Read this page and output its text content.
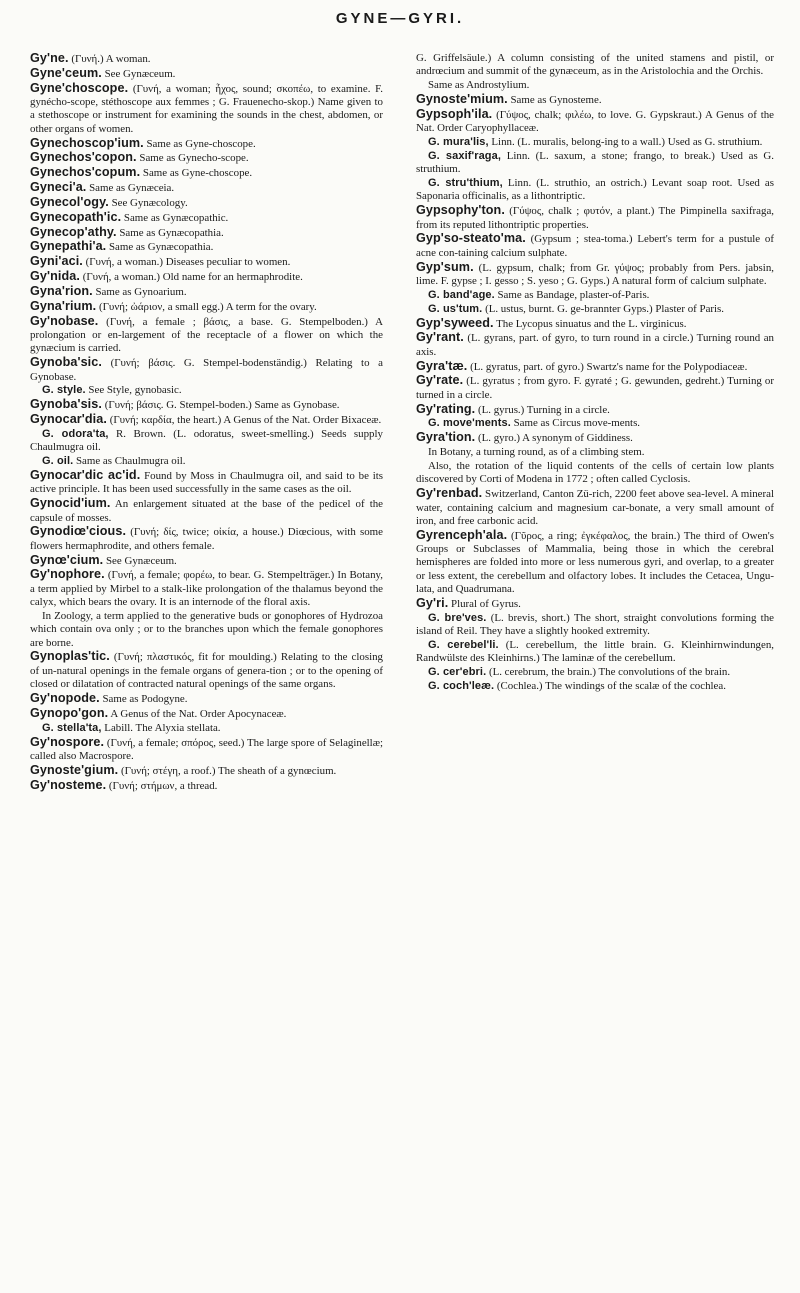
GYNE—GYRI.

Gy'ne. (Γυνή.) A woman.

Gyne'ceum. See Gynæceum.

Gyne'choscope. (Γυνή, a woman; ἦχος, sound; σκοπέω, to examine. F. gynécho-scope, stéthoscope aux femmes ; G. Frauenecho-skop.) Name given to a stethoscope or instrument for examining the sounds in the chest, abdomen, or other organs of women.

Gynechoscop'ium. Same as Gyne-choscope.

Gynechos'copon. Same as Gynecho-scope.

Gynechos'copum. Same as Gyne-choscope.

Gyneci'a. Same as Gynæceia.

Gynecol'ogy. See Gynæcology.

Gynecopath'ic. Same as Gynæcopathic.

Gynecop'athy. Same as Gynæcopathia.

Gynepathi'a. Same as Gynæcopathia.

Gyni'aci. (Γυνή, a woman.) Diseases peculiar to women.

Gy'nida. (Γυνή, a woman.) Old name for an hermaphrodite.

Gyna'rion. Same as Gynoarium.

Gyna'rium. (Γυνή; ὠάριον, a small egg.) A term for the ovary.

Gy'nobase. (Γυνή, a female ; βάσις, a base. G. Stempelboden.) A prolongation or en-largement of the receptacle of a flower on which the gynæcium is carried.

Gynoba'sic. (Γυνή; βάσις. G. Stempel-bodenständig.) Relating to a Gynobase.

G. style. See Style, gynobasic.

Gynoba'sis. (Γυνή; βάσις. G. Stempel-boden.) Same as Gynobase.

Gynocar'dia. (Γυνή; καρδία, the heart.) A Genus of the Nat. Order Bixaceæ.

G. odora'ta, R. Brown. (L. odoratus, sweet-smelling.) Seeds supply Chaulmugra oil.

G. oil. Same as Chaulmugra oil.

Gynocar'dic ac'id. Found by Moss in Chaulmugra oil, and said to be its active principle. It has been used successfully in the same cases as the oil.

Gynocid'ium. An enlargement situated at the base of the pedicel of the capsule of mosses.

Gynodiœ'cious. (Γυνή; δίς, twice; οἰκία, a house.) Diœcious, with some flowers hermaphrodite, and others female.

Gynœ'cium. See Gynæceum.

Gy'nophore. (Γυνή, a female; φορέω, to bear. G. Stempelträger.) In Botany, a term applied by Mirbel to a stalk-like prolongation of the thalamus beyond the calyx, which bears the ovary. It is an internode of the floral axis.

In Zoology, a term applied to the generative buds or gonophores of Hydrozoa which contain ova only ; or to the branches upon which the female gonophores are borne.

Gynoplas'tic. (Γυνή; πλαστικός, fit for moulding.) Relating to the closing of un-natural openings in the female organs of genera-tion ; or to the opening of closed or dilatation of contracted natural openings of the same organs.

Gy'nopode. Same as Podogyne.

Gynopo'gon. A Genus of the Nat. Order Apocynaceæ.

G. stella'ta, Labill. The Alyxia stellata.

Gy'nospore. (Γυνή, a female; σπόρος, seed.) The large spore of Selaginellæ; called also Macrospore.

Gynoste'gium. (Γυνή; στέγη, a roof.) The sheath of a gynœcium.

Gy'nosteme. (Γυνή; στήμων, a thread.

G. Griffelsäule.) A column consisting of the united stamens and pistil, or andrœcium and summit of the gynæceum, as in the Aristolochia and the Orchis.

Same as Androstylium.

Gynoste'mium. Same as Gynosteme.

Gypsoph'ila. (Γύψος, chalk; φιλέω, to love. G. Gypskraut.) A Genus of the Nat. Order Caryophyllaceæ.

G. mura'lis, Linn. (L. muralis, belong-ing to a wall.) Used as G. struthium.

G. saxif'raga, Linn. (L. saxum, a stone; frango, to break.) Used as G. struthium.

G. stru'thium, Linn. (L. struthio, an ostrich.) Levant soap root. Used as Saponaria officinalis, as a lithontriptic.

Gypsophy'ton. (Γύψος, chalk ; φυτόν, a plant.) The Pimpinella saxifraga, from its reputed lithontriptic properties.

Gyp'so-steato'ma. (Gypsum ; stea-toma.) Lebert's term for a pustule of acne con-taining calcium sulphate.

Gyp'sum. (L. gypsum, chalk; from Gr. γύψος; probably from Pers. jabsin, lime. F. gypse ; I. gesso ; S. yeso ; G. Gyps.) A natural form of calcium sulphate.

G. band'age. Same as Bandage, plaster-of-Paris.

G. us'tum. (L. ustus, burnt. G. ge-brannter Gyps.) Plaster of Paris.

Gyp'syweed. The Lycopus sinuatus and the L. virginicus.

Gy'rant. (L. gyrans, part. of gyro, to turn round in a circle.) Turning round an axis.

Gyra'tæ. (L. gyratus, part. of gyro.) Swartz's name for the Polypodiaceæ.

Gy'rate. (L. gyratus ; from gyro. F. gyraté ; G. gewunden, gedreht.) Turning or turned in a circle.

Gy'rating. (L. gyrus.) Turning in a circle.

G. move'ments. Same as Circus move-ments.

Gyra'tion. (L. gyro.) A synonym of Giddiness.

In Botany, a turning round, as of a climbing stem.

Also, the rotation of the liquid contents of the cells of certain low plants discovered by Corti of Modena in 1772 ; often called Cyclosis.

Gy'renbad. Switzerland, Canton Zü-rich, 2200 feet above sea-level. A mineral water, containing calcium and magnesium car-bonate, a very small amount of iron, and free carbonic acid.

Gyrenceph'ala. (Γῦρος, a ring; ἐγκέφαλος, the brain.) The third of Owen's Groups or Subclasses of Mammalia, being those in which the cerebral hemispheres are folded into more or less numerous gyri, and overlap, to a greater or less extent, the cerebellum and olfactory lobes. It includes the Cetacea, Ungu-lata, and Quadrumana.

Gy'ri. Plural of Gyrus.

G. bre'ves. (L. brevis, short.) The short, straight convolutions forming the island of Reil. They have a slightly hooked extremity.

G. cerebel'li. (L. cerebellum, the little brain. G. Kleinhirnwindungen, Randwülste des Kleinhirns.) The laminæ of the cerebellum.

G. cer'ebri. (L. cerebrum, the brain.) The convolutions of the brain.

G. coch'leæ. (Cochlea.) The windings of the scalæ of the cochlea.
